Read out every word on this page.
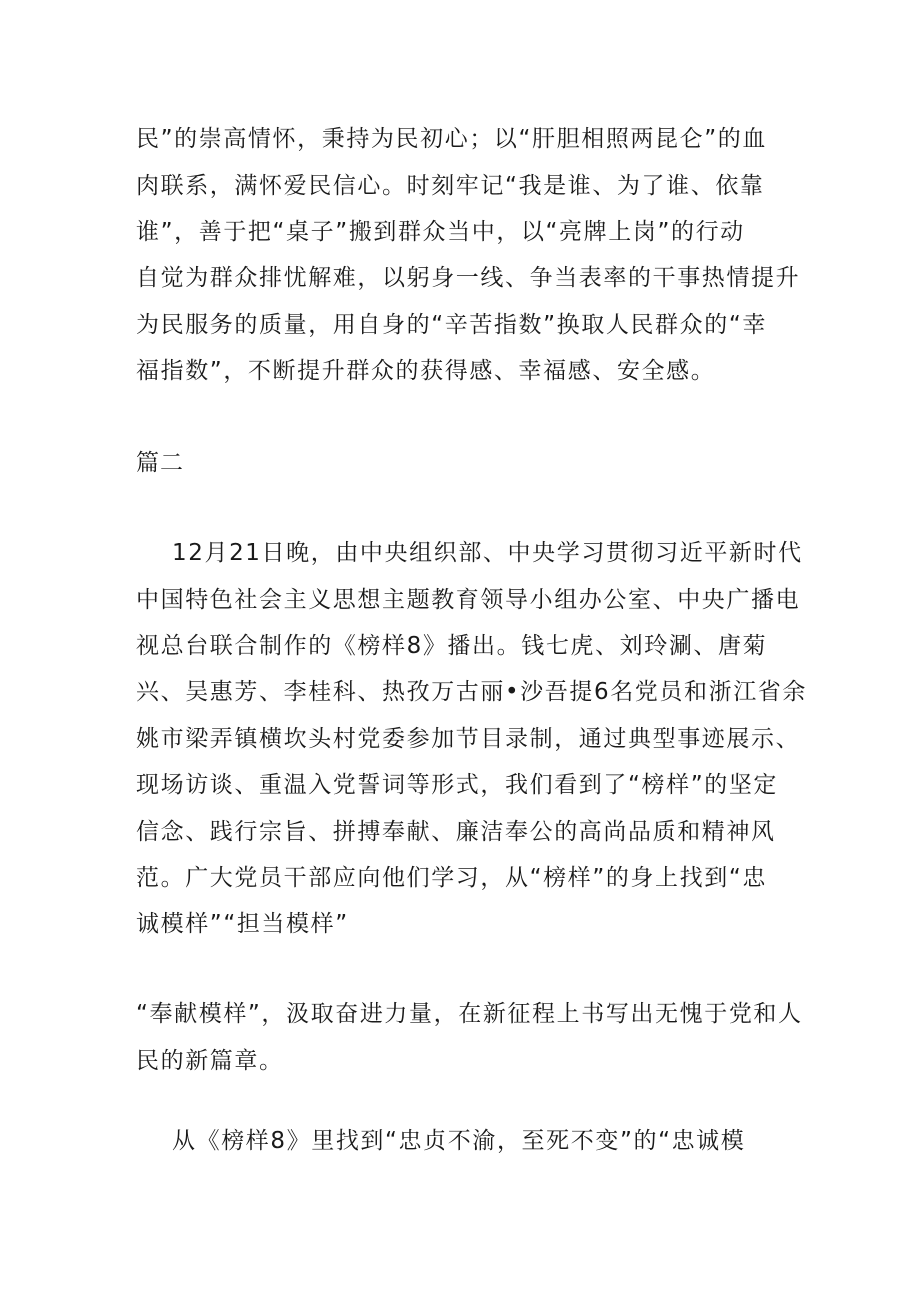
民”的崇高情怀，秉持为民初心；以“肝胆相照两昆仑”的血
肉联系，满怀爱民信心。时刻牢记“我是谁、为了谁、依靠
谁”，善于把“桌子”搬到群众当中，以“亮牌上岗”的行动
自觉为群众排忧解难，以躬身一线、争当表率的干事热情提升
为民服务的质量，用自身的“辛苦指数”换取人民群众的“幸
福指数”，不断提升群众的获得感、幸福感、安全感。
篇二
12月21日晚，由中央组织部、中央学习贯彻习近平新时代
中国特色社会主义思想主题教育领导小组办公室、中央广播电
视总台联合制作的《榜样8》播出。钱七虎、刘玲涮、唐菊
兴、吴惠芳、李桂科、热孜万古丽•沙吾提6名党员和浙江省余
姚市梁弄镇横坎头村党委参加节目录制，通过典型事迹展示、
现场访谈、重温入党誓词等形式，我们看到了“榜样”的坚定
信念、践行宗旨、拼搏奉献、廉洁奉公的高尚品质和精神风
范。广大党员干部应向他们学习，从“榜样”的身上找到“忠
诚模样”“担当模样”
“奉献模样”，汲取奋进力量，在新征程上书写出无愧于党和人
民的新篇章。
从《榜样8》里找到“忠贞不渝，至死不变”的“忠诚模
